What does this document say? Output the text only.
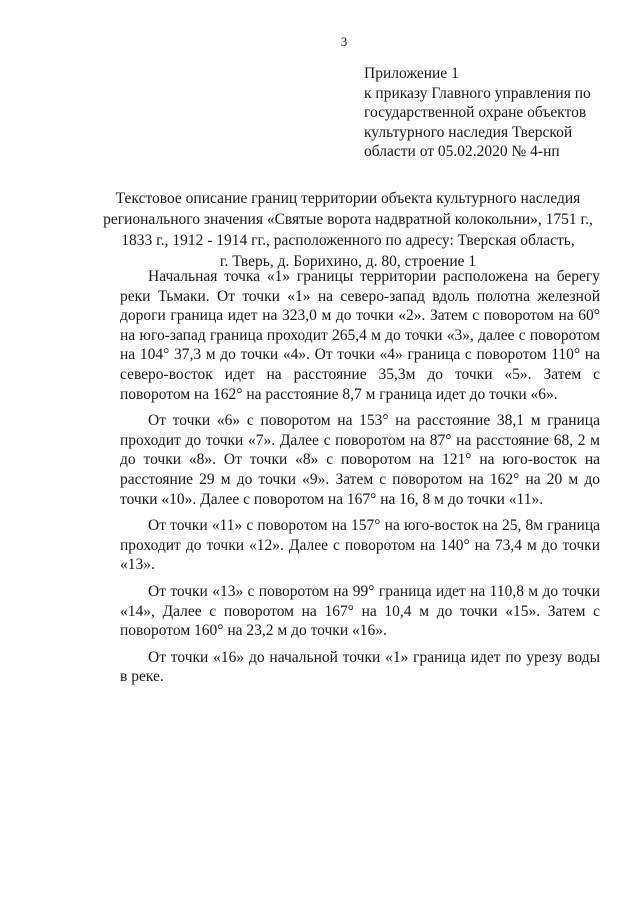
3
Приложение 1
к приказу Главного управления по
государственной охране объектов
культурного наследия Тверской
области от 05.02.2020 № 4-нп
Текстовое описание границ территории объекта культурного наследия
регионального значения «Святые ворота надвратной колокольни», 1751 г.,
1833 г., 1912 - 1914 гг., расположенного по адресу: Тверская область,
г. Тверь, д. Борихино, д. 80, строение 1

Начальная точка «1» границы территории расположена на берегу реки Тьмаки. От точки «1» на северо-запад вдоль полотна железной дороги граница идет на 323,0 м до точки «2». Затем с поворотом на 60° на юго-запад граница проходит 265,4 м до точки «3», далее с поворотом на 104° 37,3 м до точки «4». От точки «4» граница с поворотом 110° на северо-восток идет на расстояние 35,3м до точки «5». Затем с поворотом на 162° на расстояние 8,7 м граница идет до точки «6».

От точки «6» с поворотом на 153° на расстояние 38,1 м граница проходит до точки «7». Далее с поворотом на 87° на расстояние 68, 2 м до точки «8». От точки «8» с поворотом на 121° на юго-восток на расстояние 29 м до точки «9». Затем с поворотом на 162° на 20 м до точки «10». Далее с поворотом на 167° на 16, 8 м до точки «11».

От точки «11» с поворотом на 157° на юго-восток на 25, 8м граница проходит до точки «12». Далее с поворотом на 140° на 73,4 м до точки «13».

От точки «13» с поворотом на 99° граница идет на 110,8 м до точки «14», Далее с поворотом на 167° на 10,4 м до точки «15». Затем с поворотом 160° на 23,2 м до точки «16».

От точки «16» до начальной точки «1» граница идет по урезу воды в реке.
